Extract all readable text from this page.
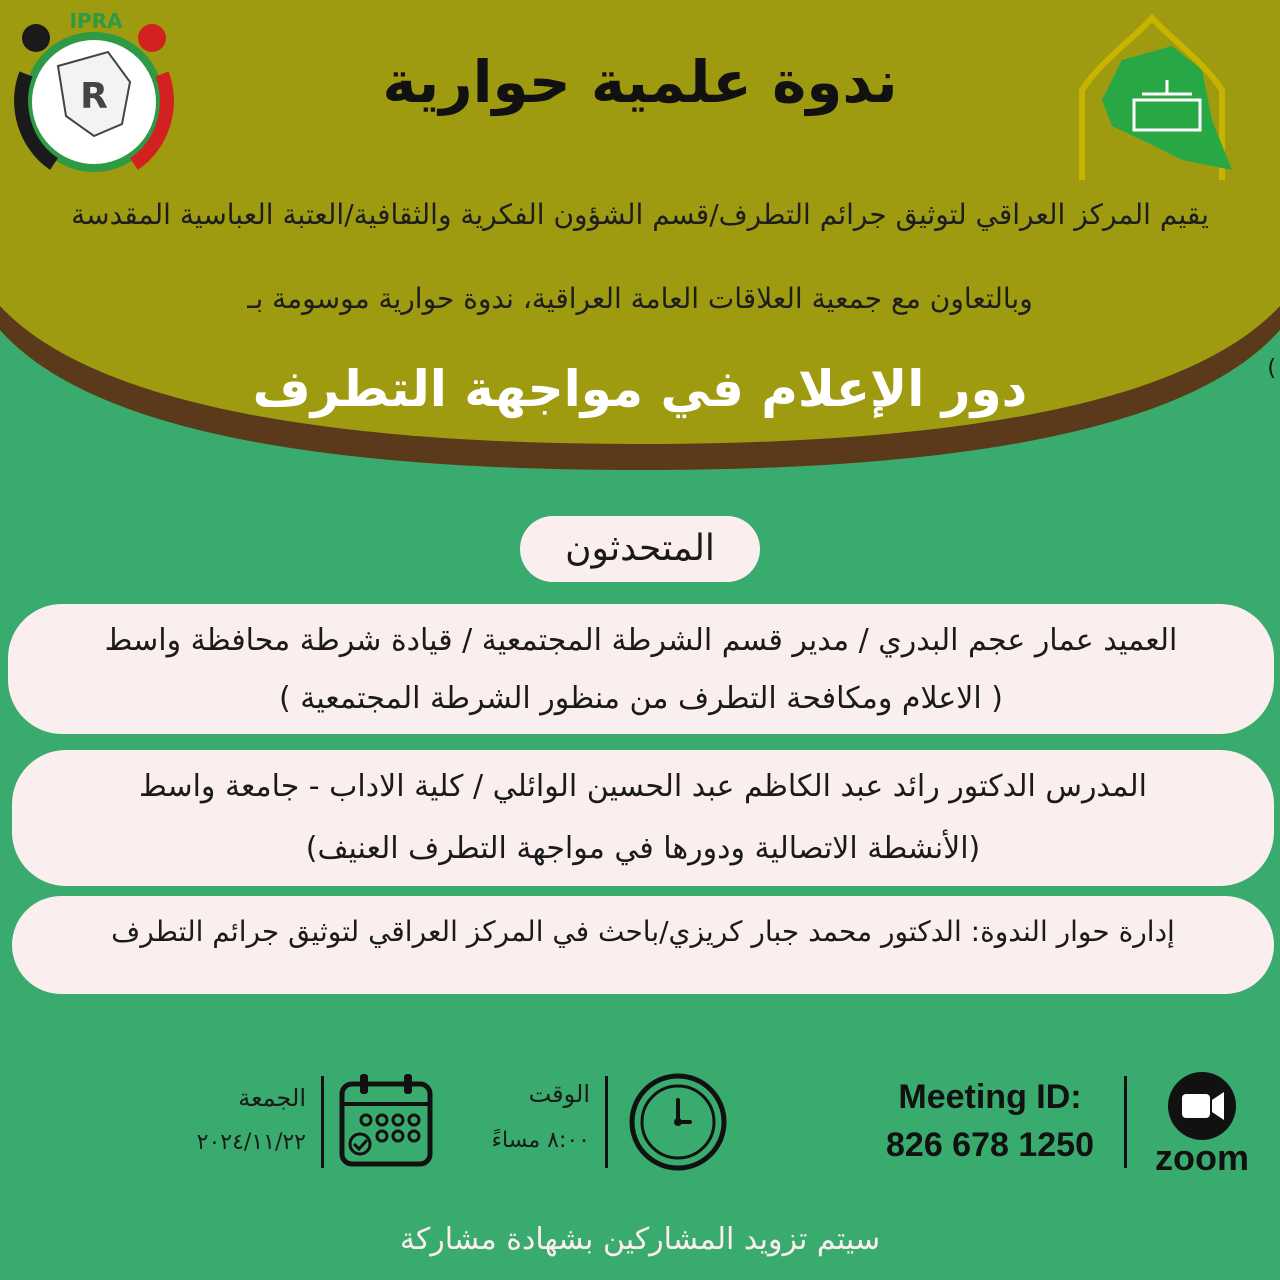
R
IPRA
ندوة علمية حوارية
يقيم المركز العراقي لتوثيق جرائم التطرف/قسم الشؤون الفكرية والثقافية/العتبة العباسية المقدسة
وبالتعاون مع جمعية العلاقات العامة العراقية، ندوة حوارية موسومة بـ
دور الإعلام في مواجهة التطرف	)
المتحدثون
العميد عمار عجم البدري / مدير قسم الشرطة المجتمعية / قيادة شرطة محافظة واسط
( الاعلام ومكافحة التطرف من منظور الشرطة المجتمعية )
المدرس الدكتور رائد عبد الكاظم عبد الحسين الوائلي / كلية الاداب - جامعة واسط
(الأنشطة الاتصالية ودورها في مواجهة التطرف العنيف)
إدارة حوار الندوة: الدكتور محمد جبار كريزي/باحث في المركز العراقي لتوثيق جرائم التطرف
zoom
Meeting ID:
826 678 1250
الوقت
٨:٠٠ مساءً
الجمعة
٢٠٢٤/١١/٢٢
سيتم تزويد المشاركين بشهادة مشاركة
